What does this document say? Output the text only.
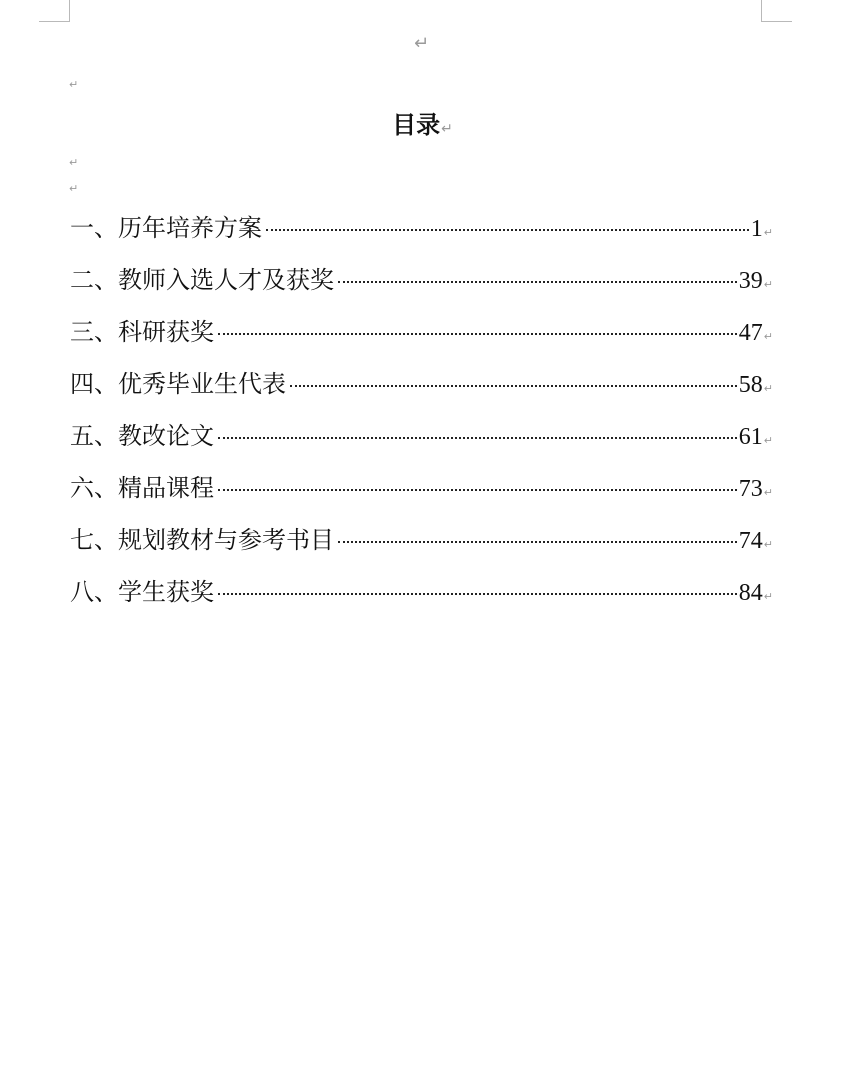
↵
↵
目录↵
↵
↵
一、历年培养方案	1 ↵
二、教师入选人才及获奖	39 ↵
三、科研获奖	47 ↵
四、优秀毕业生代表	58 ↵
五、教改论文	61 ↵
六、精品课程	73 ↵
七、规划教材与参考书目	74 ↵
八、学生获奖	84 ↵
